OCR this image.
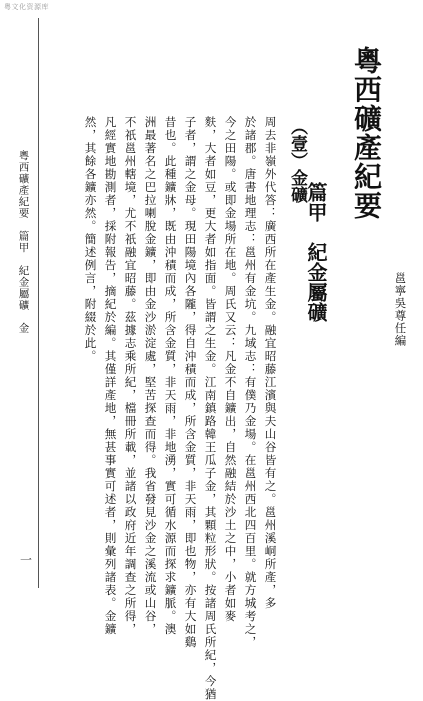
粤文化资源库
粵西礦產紀要
邕寧吳尊任編
篇甲　紀金屬礦
（壹）金礦
周去非嶺外代答：廣西所在產生金。融宜昭藤江濱與夫山谷皆有之。邕州溪峒所產，多
於諸郡。唐書地理志：邕州有金坑。九域志：有僕乃金場。在邕州西北四百里。就方城考之，
今之田陽。或即金場所在地。周氏又云：凡金不自鑛出，自然融結於沙土之中，小者如麥
麩，大者如豆，更大者如指面。皆謂之生金。江南鎮路韓王瓜子金，其顆粒形狀。按諸周氏所紀，今猶
子者，謂之金母。現田陽境內各隴，得自沖積而成，所含金質，非天雨，即也物，亦有大如鷄
昔也。此種鑛牀，既由沖積而成，所含金質，非天雨，非地湧，實可循水源而探求鑛脈。澳
洲最著名之巴拉喇脫金鑛，即由金沙淤淀處，堅苦探查而得。我省發見沙金之溪流或山谷，
不祇邕州轄境，尤不祇融宜昭藤。茲據志乘所紀，檔冊所載，並諸以政府近年調查之所得，
凡經實地勘測者，採附報告，摘紀於編。其僅詳產地，無甚事實可述者，則彙列諸表。金鑛
然，其餘各鑛亦然。簡述例言，附綴於此。
粵西礦產紀要　篇甲　紀金屬礦　金
一
